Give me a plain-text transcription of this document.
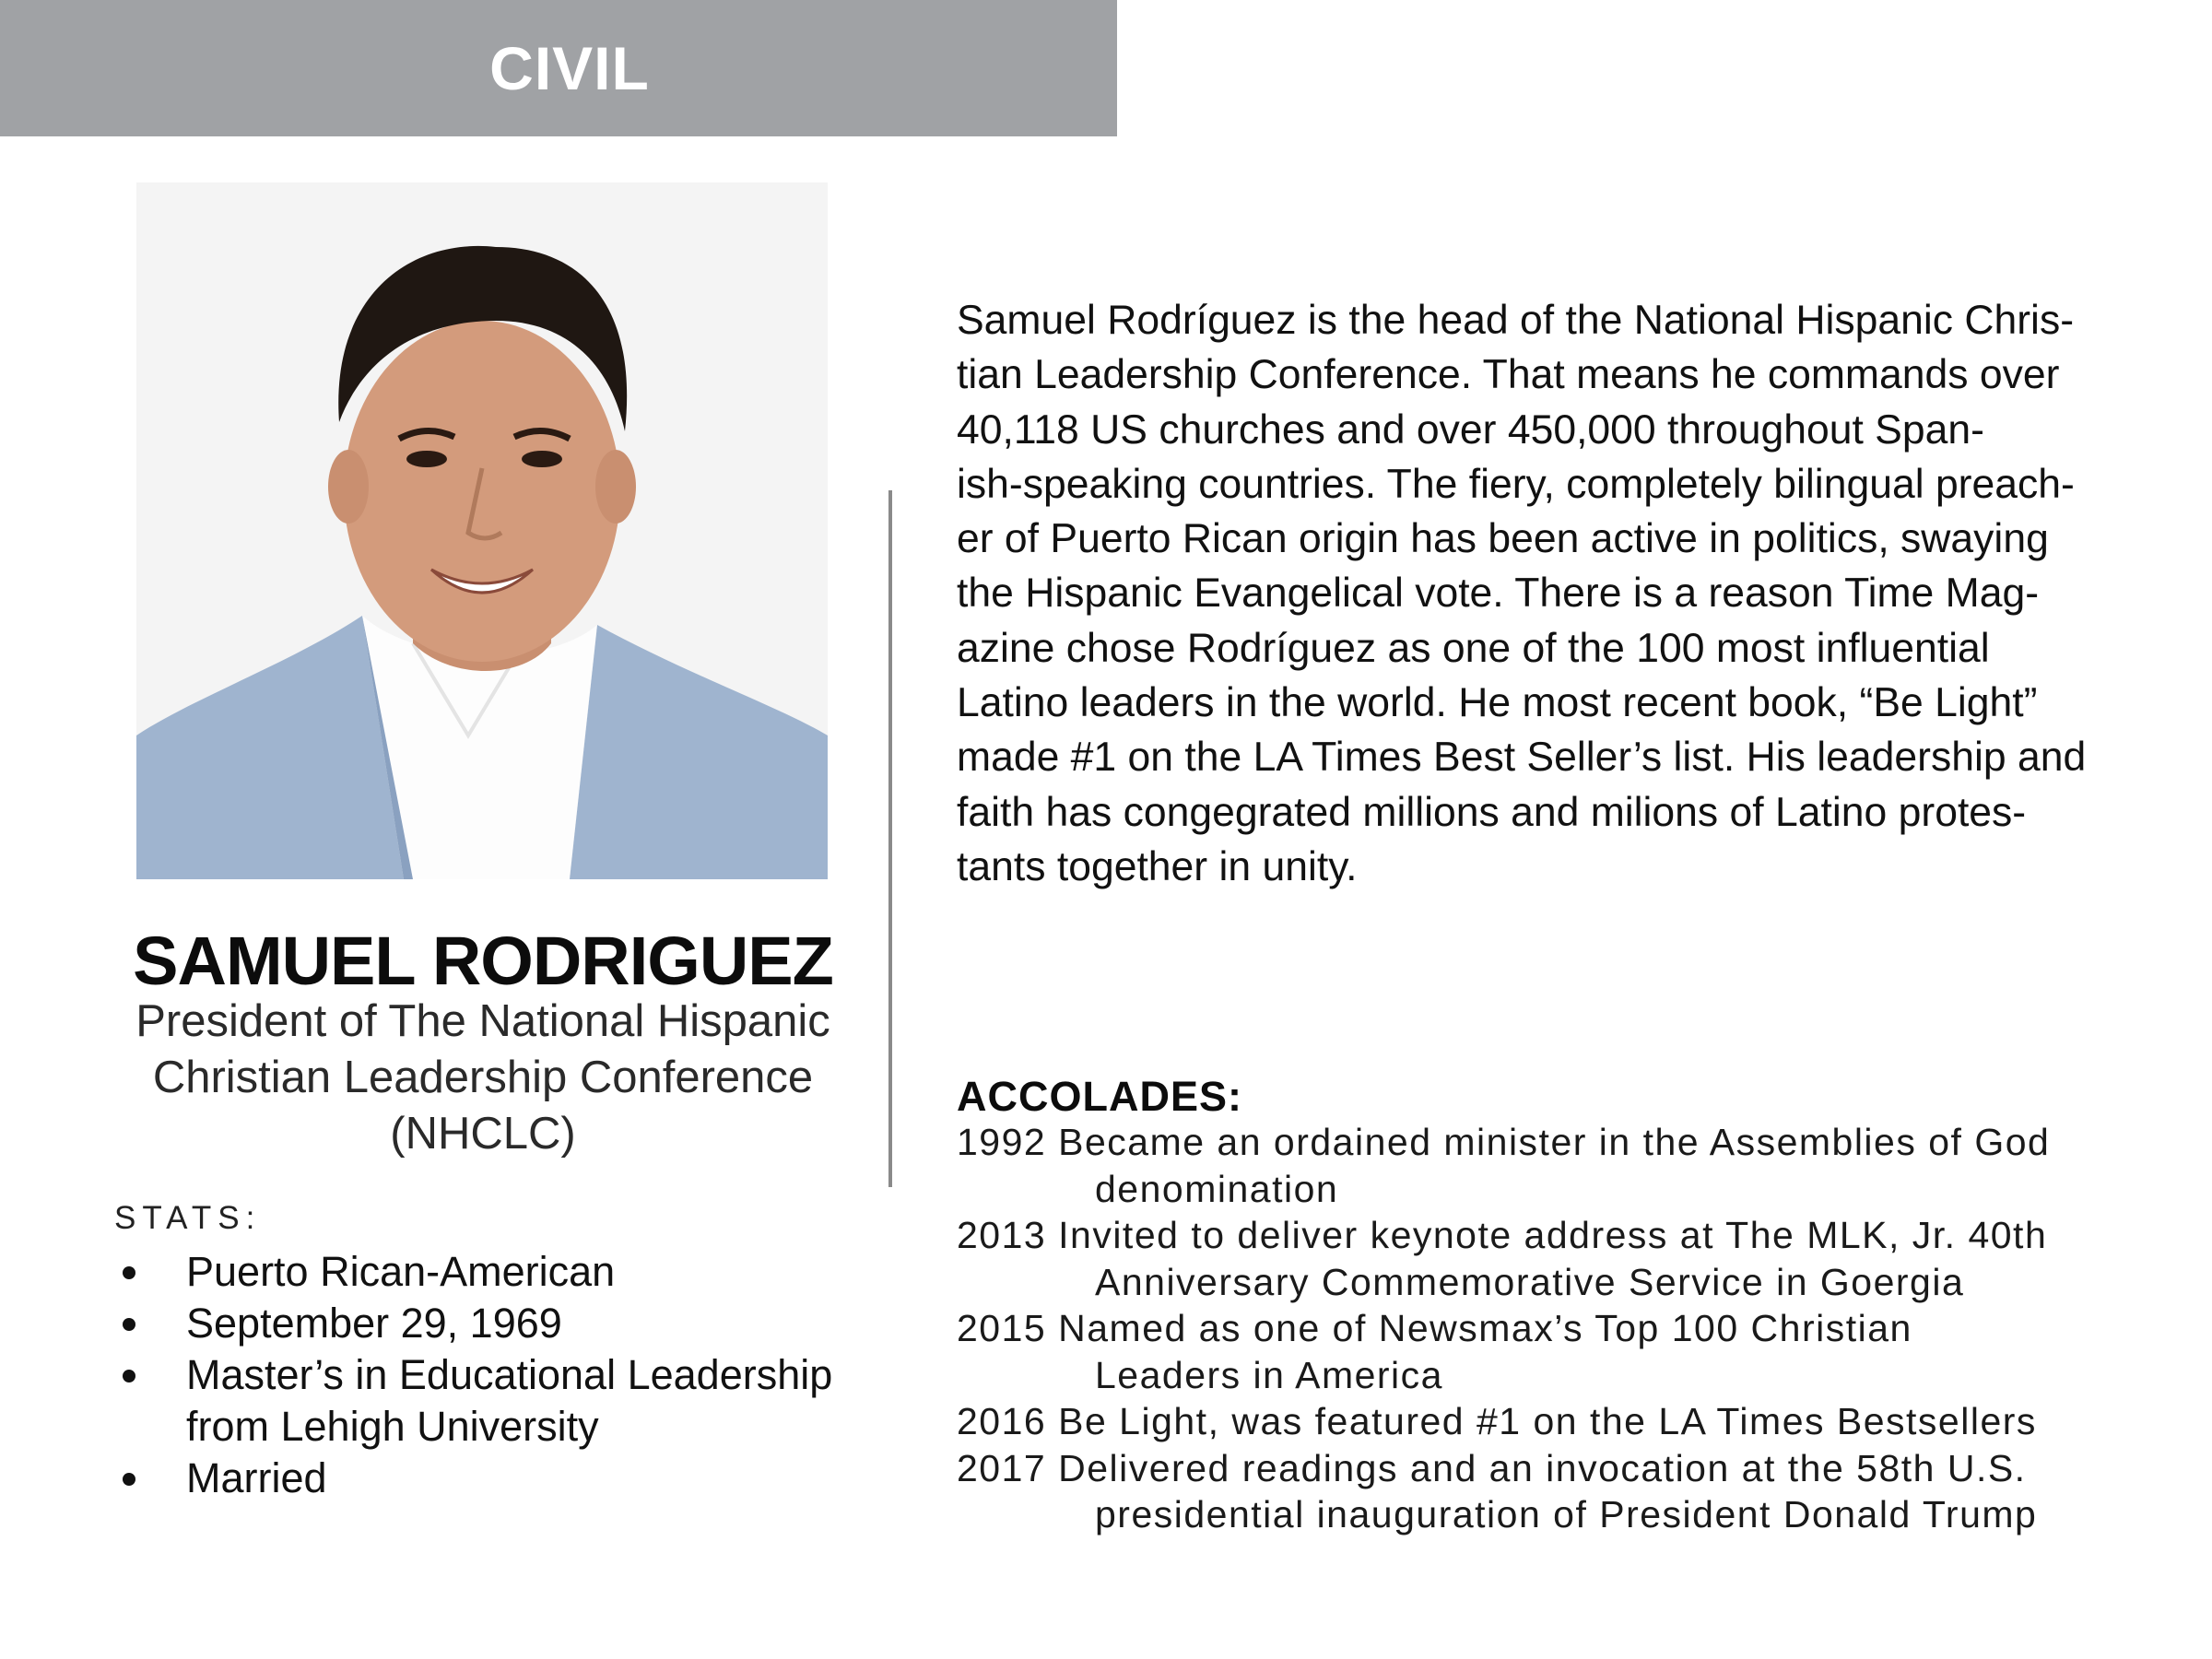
CIVIL
SAMUEL RODRIGUEZ
President of The National Hispanic
Christian Leadership Conference
(NHCLC)
STATS:
Puerto Rican-American
September 29, 1969
Master’s in Educational Leadership
from Lehigh University
Married
Samuel Rodríguez is the head of the National Hispanic Chris-
tian Leadership Conference. That means he commands over
40,118 US churches and over 450,000 throughout Span-
ish-speaking countries. The fiery, completely bilingual preach-
er of Puerto Rican origin has been active in politics, swaying
the Hispanic Evangelical vote. There is a reason Time Mag-
azine chose Rodríguez as one of the 100 most influential
Latino leaders in the world. He most recent book, “Be Light”
made #1 on the LA Times Best Seller’s list. His leadership and
faith has congegrated millions and milions of Latino protes-
tants together in unity.
ACCOLADES:
1992 Became an ordained minister in the Assemblies of God
denomination
2013 Invited to deliver keynote address at The MLK, Jr. 40th
Anniversary Commemorative Service in Goergia
2015 Named as one of Newsmax’s Top 100 Christian
Leaders in America
2016 Be Light, was featured #1 on the LA Times Bestsellers
2017 Delivered readings and an invocation at the 58th U.S.
presidential inauguration of President Donald Trump
